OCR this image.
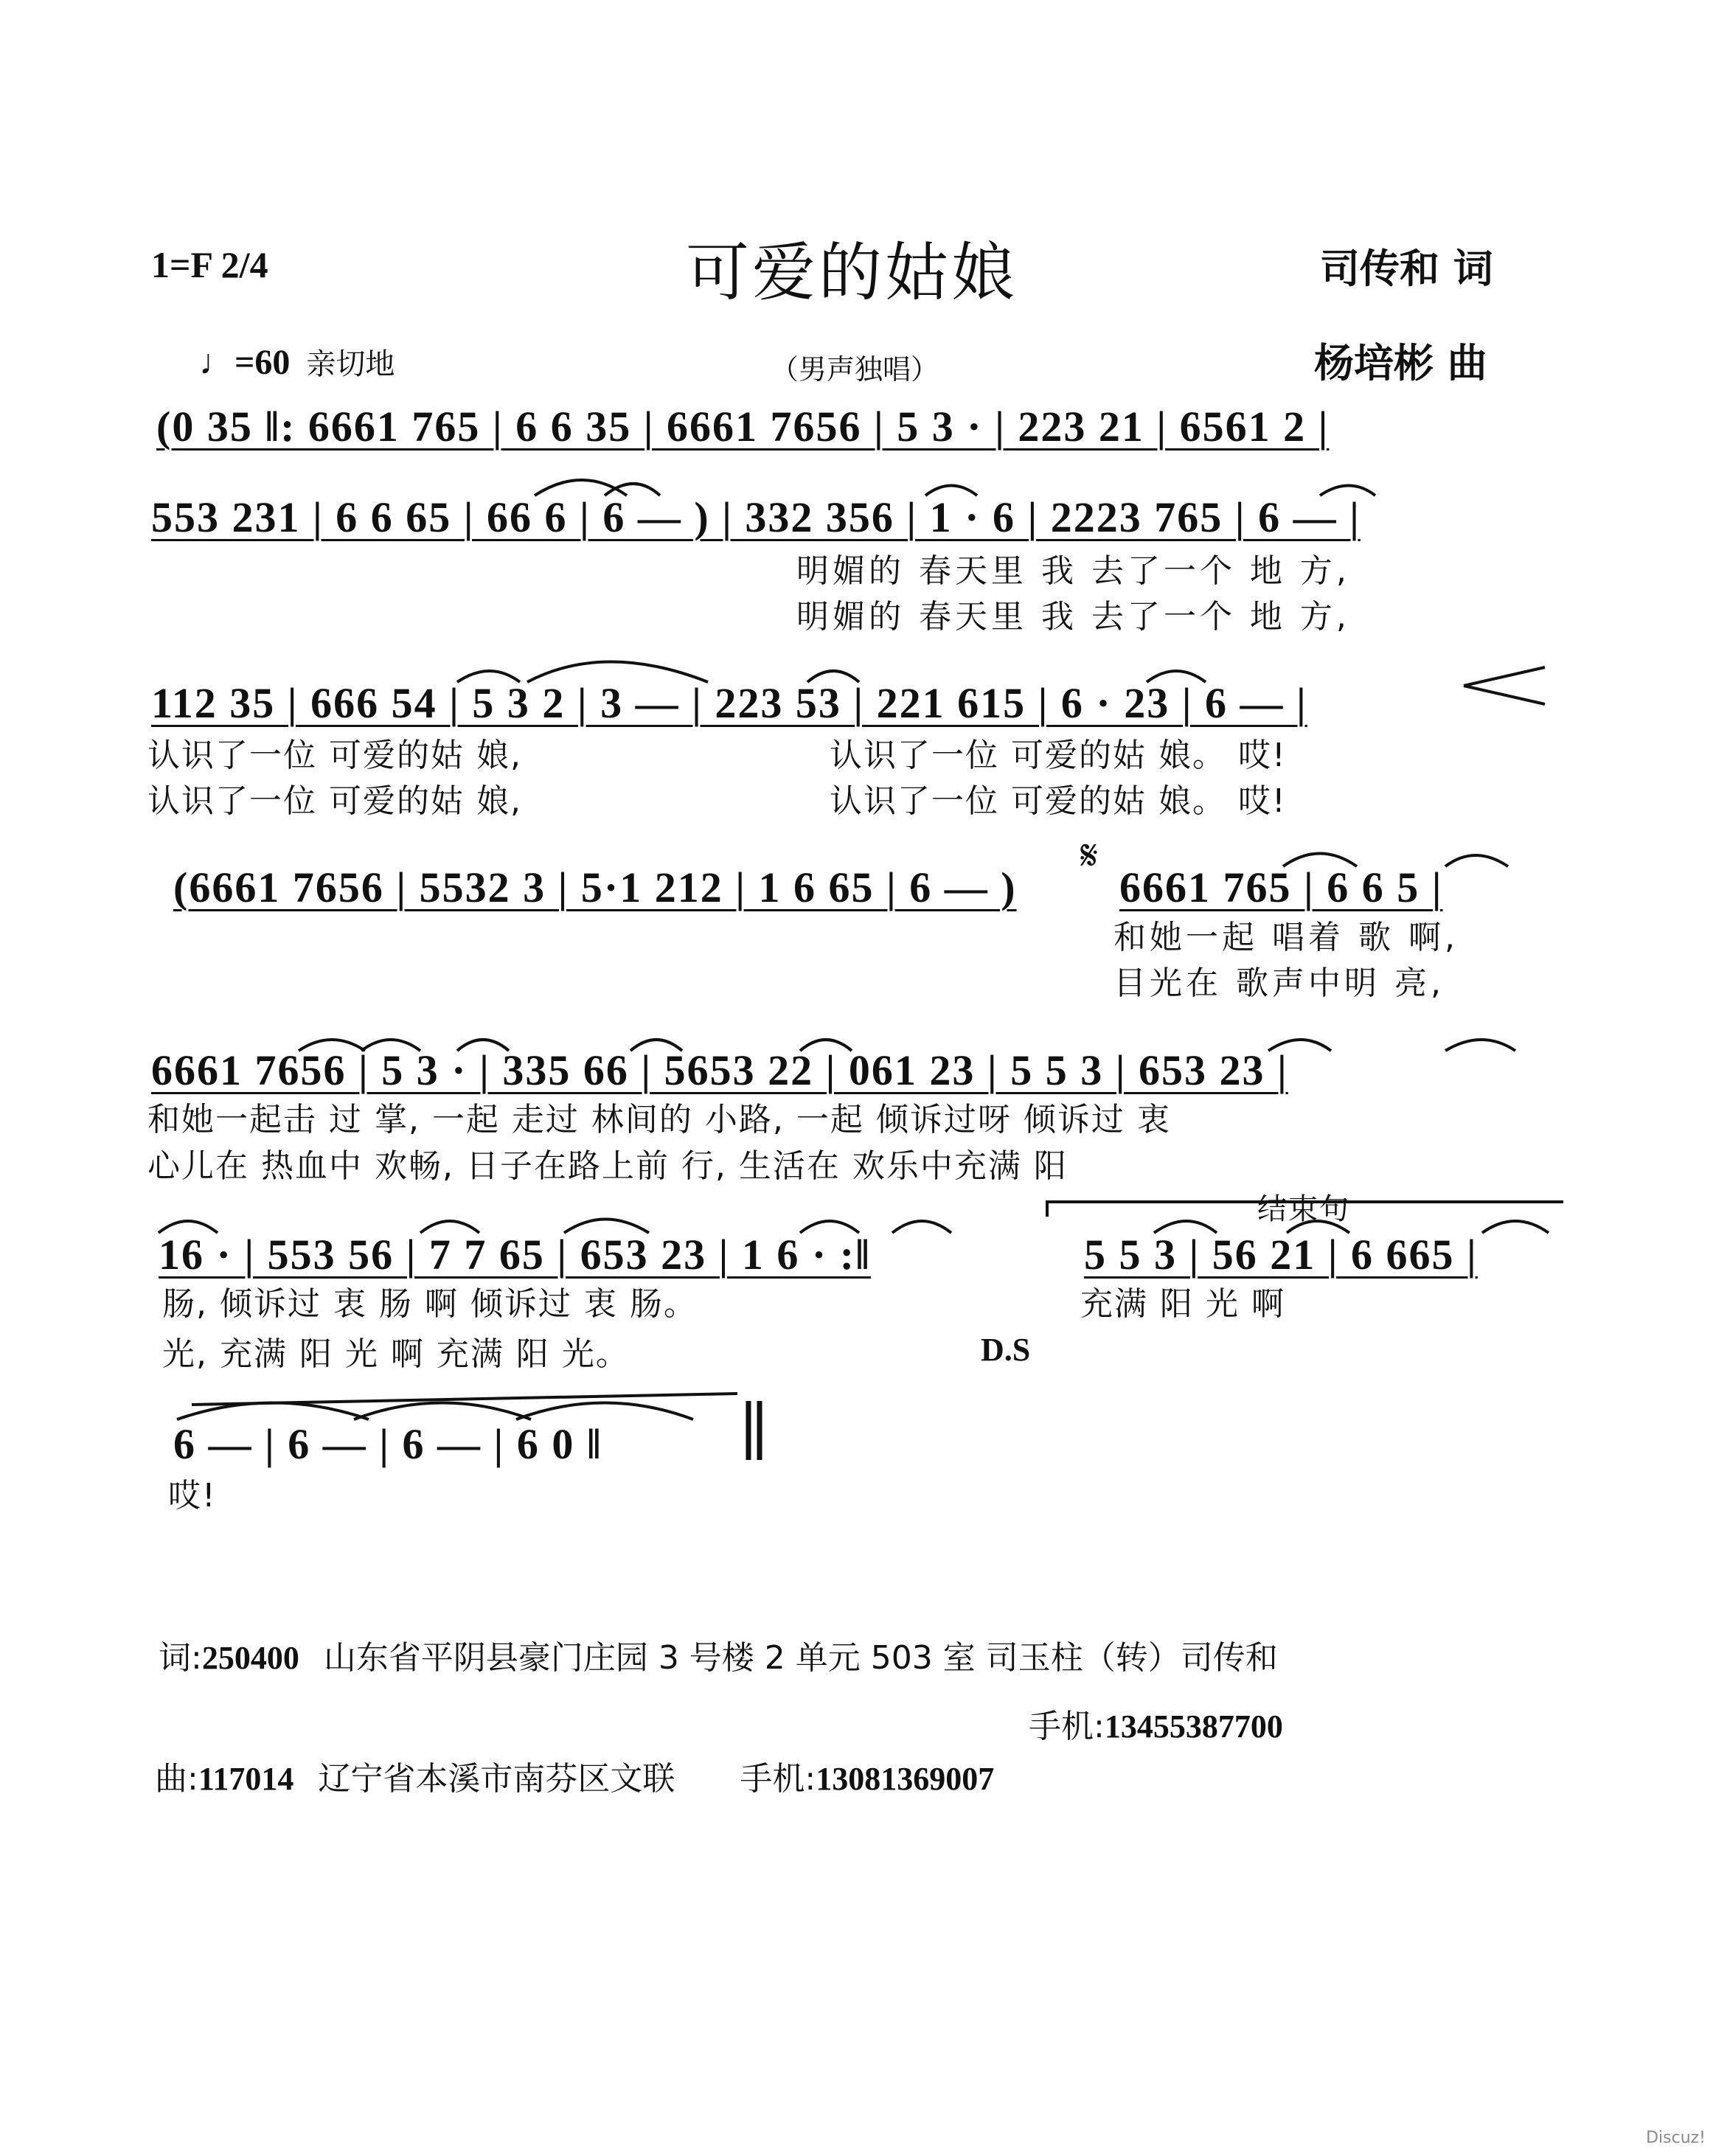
1=F 2/4	可爱的姑娘	司传和 词
杨培彬 曲
♩=60 亲切地	（男声独唱）
(0 35 ‖: 6661 765 | 6 6 35 | 6661 7656 | 5 3 · | 223 21 | 6561 2 |
553 231 | 6 6 65 | 66 6 | 6 — ) | 332 356 | 1 · 6 | 2223 765 | 6 — |
明媚的 春天里 我 去了一个 地 方,
明媚的 春天里 我 去了一个 地 方,
112 35 | 666 54 | 5 3 2 | 3 — | 223 53 | 221 615 | 6 · 23 | 6 — |
认识了一位 可爱的姑 娘,	认识了一位 可爱的姑 娘。 哎!
认识了一位 可爱的姑 娘,	认识了一位 可爱的姑 娘。 哎!
(6661 7656 | 5532 3 | 5·1 212 | 1 6 65 | 6 — )
𝄋
6661 765 | 6 6 5 |
和她一起 唱着 歌 啊,
目光在 歌声中明 亮,
6661 7656 | 5 3 · | 335 66 | 5653 22 | 061 23 | 5 5 3 | 653 23 |
和她一起击 过 掌, 一起 走过 林间的 小路, 一起 倾诉过呀 倾诉过 衷
心儿在 热血中 欢畅, 日子在路上前 行, 生活在 欢乐中充满 阳
结束句
16 · | 553 56 | 7 7 65 | 653 23 | 1 6 · :‖	5 5 3 | 56 21 | 6 665 |
肠, 倾诉过 衷 肠 啊 倾诉过 衷 肠。	充满 阳 光 啊
光, 充满 阳 光 啊 充满 阳 光。	D.S
6 — | 6 — | 6 — | 6 0 ‖
哎!
词:250400 山东省平阴县豪门庄园 3 号楼 2 单元 503 室 司玉柱（转）司传和
手机:13455387700
曲:117014 辽宁省本溪市南芬区文联 手机:13081369007
Discuz!
